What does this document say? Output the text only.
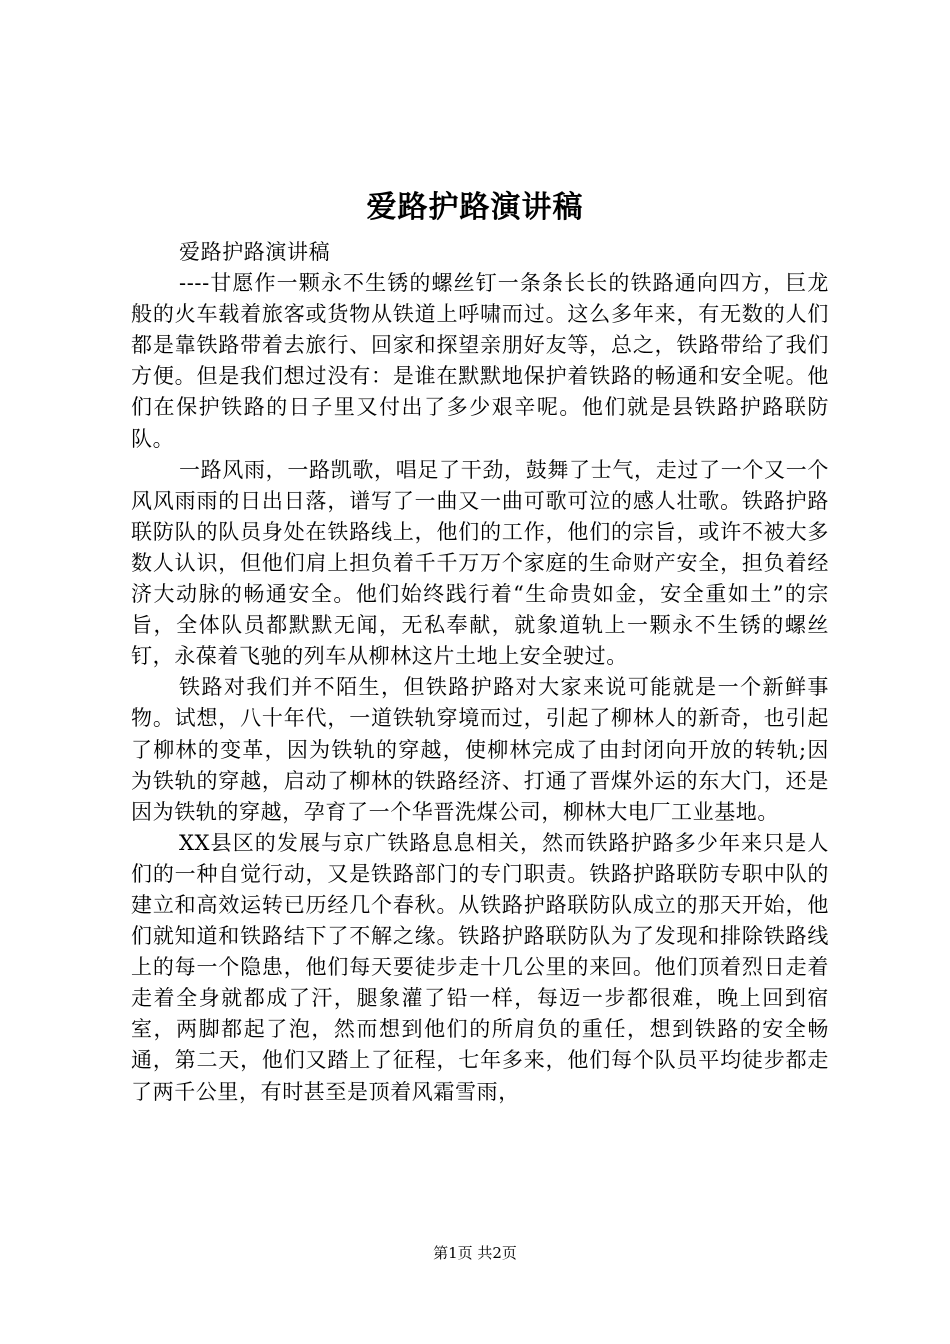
爱路护路演讲稿

爱路护路演讲稿

----甘愿作一颗永不生锈的螺丝钉一条条长长的铁路通向四方，巨龙般的火车载着旅客或货物从铁道上呼啸而过。这么多年来，有无数的人们都是靠铁路带着去旅行、回家和探望亲朋好友等，总之，铁路带给了我们方便。但是我们想过没有：是谁在默默地保护着铁路的畅通和安全呢。他们在保护铁路的日子里又付出了多少艰辛呢。他们就是县铁路护路联防队。

一路风雨，一路凯歌，唱足了干劲，鼓舞了士气，走过了一个又一个风风雨雨的日出日落，谱写了一曲又一曲可歌可泣的感人壮歌。铁路护路联防队的队员身处在铁路线上，他们的工作，他们的宗旨，或许不被大多数人认识，但他们肩上担负着千千万万个家庭的生命财产安全，担负着经济大动脉的畅通安全。他们始终践行着“生命贵如金，安全重如土”的宗旨，全体队员都默默无闻，无私奉献，就象道轨上一颗永不生锈的螺丝钉，永葆着飞驰的列车从柳林这片土地上安全驶过。

铁路对我们并不陌生，但铁路护路对大家来说可能就是一个新鲜事物。试想，八十年代，一道铁轨穿境而过，引起了柳林人的新奇，也引起了柳林的变革，因为铁轨的穿越，使柳林完成了由封闭向开放的转轨;因为铁轨的穿越，启动了柳林的铁路经济、打通了晋煤外运的东大门，还是因为铁轨的穿越，孕育了一个华晋洗煤公司，柳林大电厂工业基地。

XX县区的发展与京广铁路息息相关，然而铁路护路多少年来只是人们的一种自觉行动，又是铁路部门的专门职责。铁路护路联防专职中队的建立和高效运转已历经几个春秋。从铁路护路联防队成立的那天开始，他们就知道和铁路结下了不解之缘。铁路护路联防队为了发现和排除铁路线上的每一个隐患，他们每天要徒步走十几公里的来回。他们顶着烈日走着走着全身就都成了汗，腿象灌了铅一样，每迈一步都很难，晚上回到宿室，两脚都起了泡，然而想到他们的所肩负的重任，想到铁路的安全畅通，第二天，他们又踏上了征程，七年多来，他们每个队员平均徒步都走了两千公里，有时甚至是顶着风霜雪雨，

第1页 共2页
